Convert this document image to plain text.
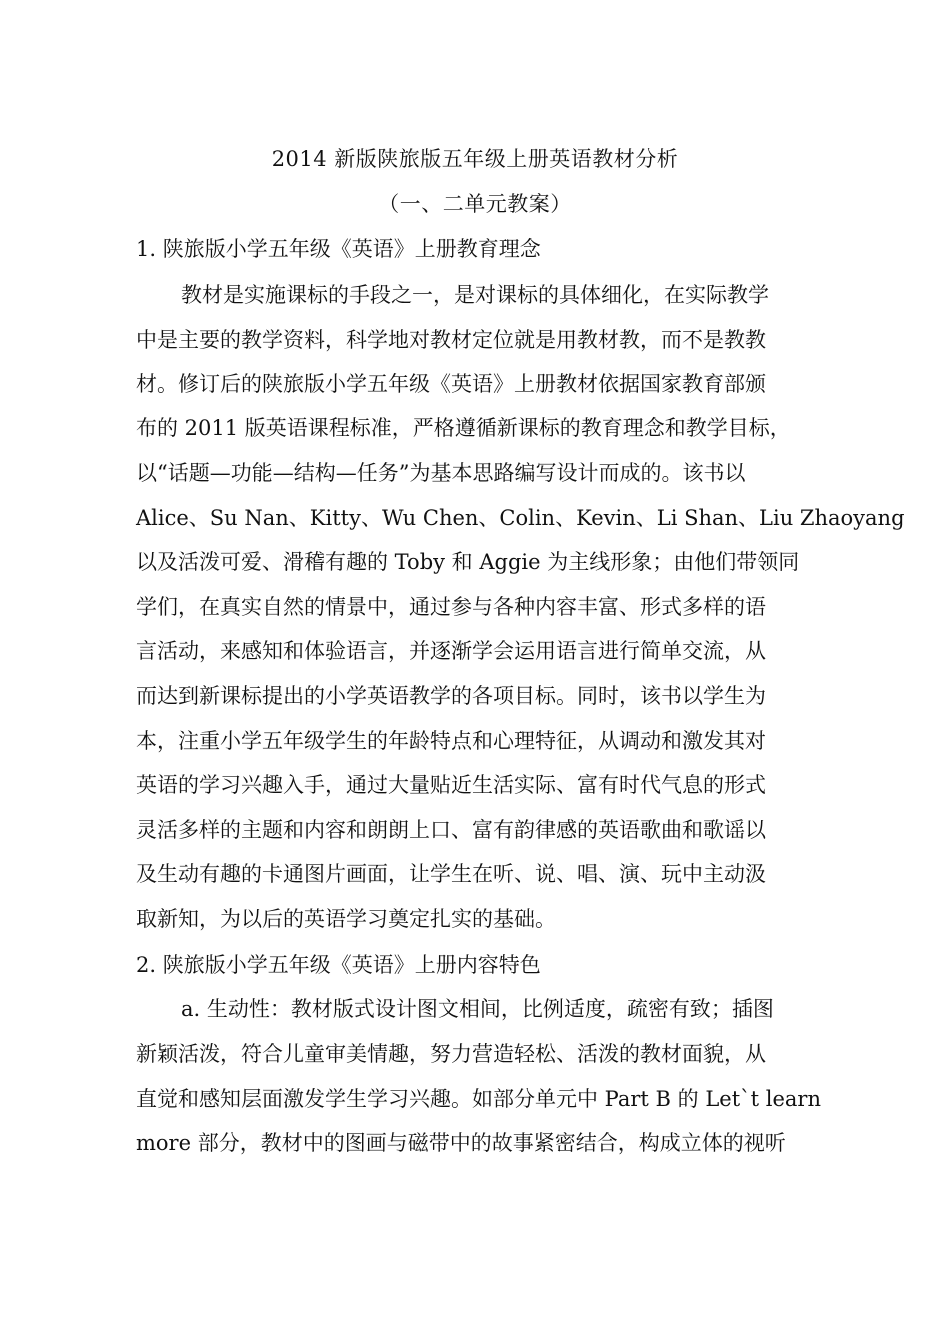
2014 新版陕旅版五年级上册英语教材分析
（一、二单元教案）
1. 陕旅版小学五年级《英语》上册教育理念
教材是实施课标的手段之一，是对课标的具体细化，在实际教学
中是主要的教学资料，科学地对教材定位就是用教材教，而不是教教
材。修订后的陕旅版小学五年级《英语》上册教材依据国家教育部颁
布的 2011 版英语课程标准，严格遵循新课标的教育理念和教学目标，
以“话题—功能—结构—任务”为基本思路编写设计而成的。该书以
Alice、Su Nan、Kitty、Wu Chen、Colin、Kevin、Li Shan、Liu Zhaoyang
以及活泼可爱、滑稽有趣的 Toby 和 Aggie 为主线形象；由他们带领同
学们，在真实自然的情景中，通过参与各种内容丰富、形式多样的语
言活动，来感知和体验语言，并逐渐学会运用语言进行简单交流，从
而达到新课标提出的小学英语教学的各项目标。同时，该书以学生为
本，注重小学五年级学生的年龄特点和心理特征，从调动和激发其对
英语的学习兴趣入手，通过大量贴近生活实际、富有时代气息的形式
灵活多样的主题和内容和朗朗上口、富有韵律感的英语歌曲和歌谣以
及生动有趣的卡通图片画面，让学生在听、说、唱、演、玩中主动汲
取新知，为以后的英语学习奠定扎实的基础。
2. 陕旅版小学五年级《英语》上册内容特色
a. 生动性：教材版式设计图文相间，比例适度，疏密有致；插图
新颖活泼，符合儿童审美情趣，努力营造轻松、活泼的教材面貌，从
直觉和感知层面激发学生学习兴趣。如部分单元中 Part B 的 Let`t learn
more 部分，教材中的图画与磁带中的故事紧密结合，构成立体的视听
